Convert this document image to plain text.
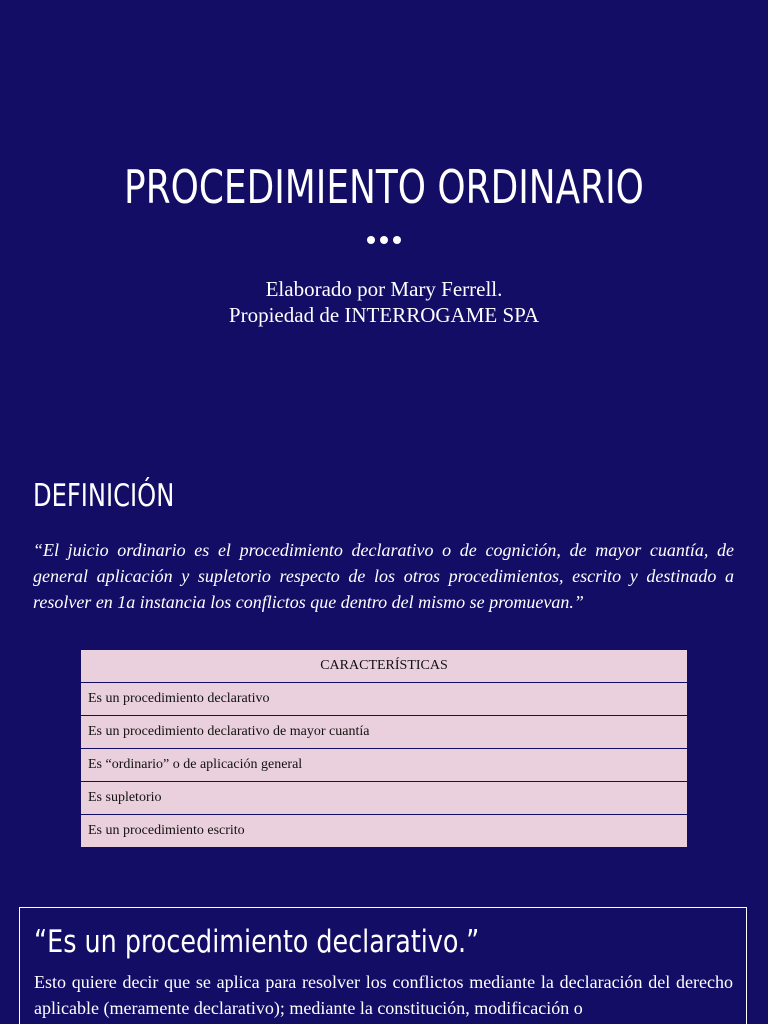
PROCEDIMIENTO ORDINARIO
Elaborado por Mary Ferrell.
Propiedad de INTERROGAME SPA
DEFINICIÓN

“El juicio ordinario es el procedimiento declarativo o de cognición, de mayor cuantía, de general aplicación y supletorio respecto de los otros procedimientos, escrito y destinado a resolver en 1a instancia los conflictos que dentro del mismo se promuevan.”

CARACTERÍSTICAS
Es un procedimiento declarativo
Es un procedimiento declarativo de mayor cuantía
Es “ordinario” o de aplicación general
Es supletorio
Es un procedimiento escrito
“Es un procedimiento declarativo.”

Esto quiere decir que se aplica para resolver los conflictos mediante la declaración del derecho aplicable (meramente declarativo); mediante la constitución, modificación o
